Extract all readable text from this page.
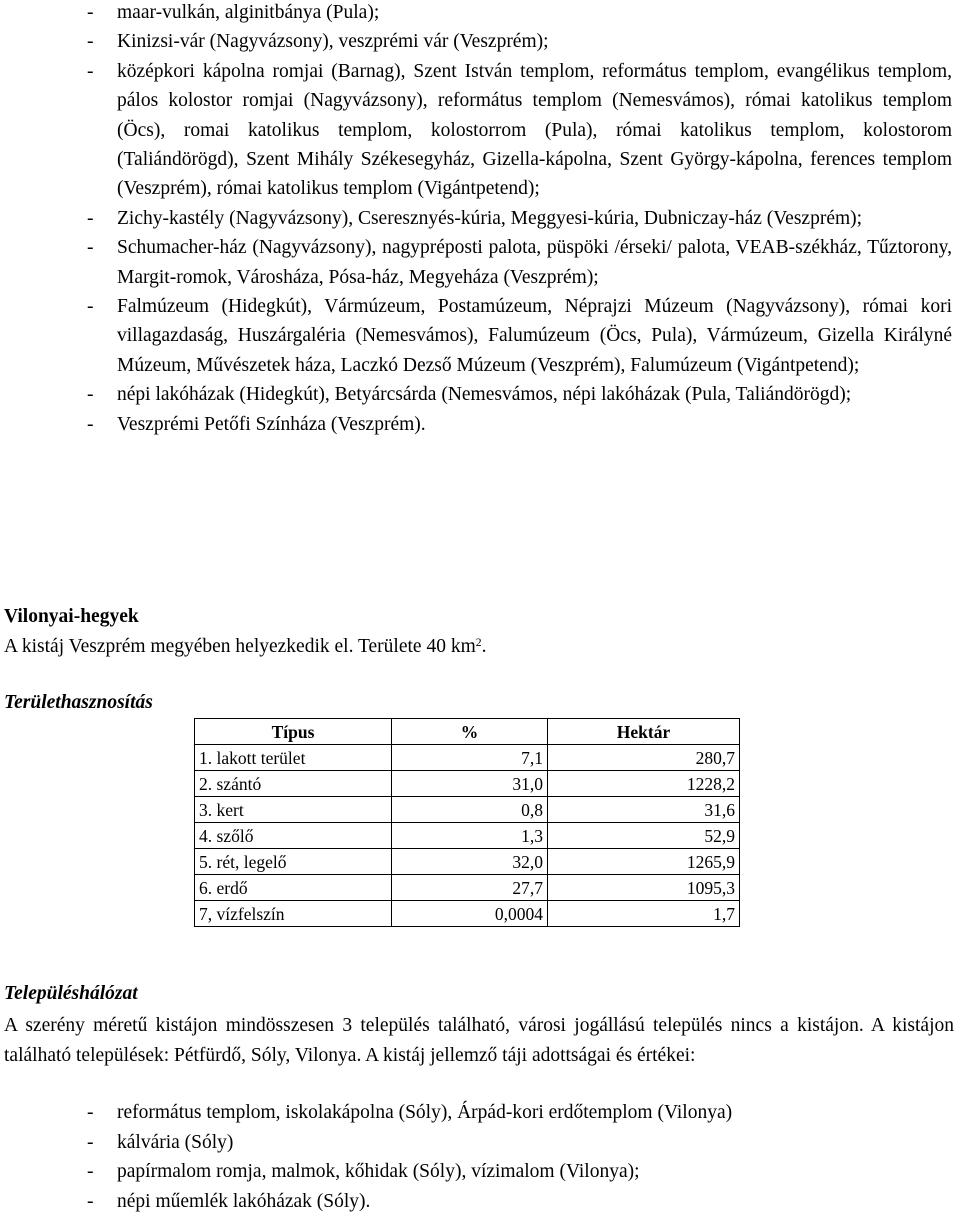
- maar-vulkán, alginitbánya (Pula);
- Kinizsi-vár (Nagyvázsony), veszprémi vár (Veszprém);
- középkori kápolna romjai (Barnag), Szent István templom, református templom, evangélikus templom, pálos kolostor romjai (Nagyvázsony), református templom (Nemesvámos), római katolikus templom (Öcs), romai katolikus templom, kolostorrom (Pula), római katolikus templom, kolostorom (Taliándörögd), Szent Mihály Székesegyház, Gizella-kápolna, Szent György-kápolna, ferences templom (Veszprém), római katolikus templom (Vigántpetend);
- Zichy-kastély (Nagyvázsony), Cseresznyés-kúria, Meggyesi-kúria, Dubniczay-ház (Veszprém);
- Schumacher-ház (Nagyvázsony), nagypréposti palota, püspöki /érseki/ palota, VEAB-székház, Tűztorony, Margit-romok, Városháza, Pósa-ház, Megyeháza (Veszprém);
- Falmúzeum (Hidegkút), Vármúzeum, Postamúzeum, Néprajzi Múzeum (Nagyvázsony), római kori villagazdaság, Huszárgaléria (Nemesvámos), Falumúzeum (Öcs, Pula), Vármúzeum, Gizella Királyné Múzeum, Művészetek háza, Laczkó Dezső Múzeum (Veszprém), Falumúzeum (Vigántpetend);
- népi lakóházak (Hidegkút), Betyárcsárda (Nemesvámos, népi lakóházak (Pula, Taliándörögd);
- Veszprémi Petőfi Színháza (Veszprém).
Vilonyai-hegyek
A kistáj Veszprém megyében helyezkedik el. Területe 40 $km^2$.
Területhasznosítás
Típus	%	Hektár
1. lakott terület	7,1	280,7
2. szántó	31,0	1228,2
3. kert	0,8	31,6
4. szőlő	1,3	52,9
5. rét, legelő	32,0	1265,9
6. erdő	27,7	1095,3
7, vízfelszín	0,0004	1,7
Településhálózat
A szerény méretű kistájon mindösszesen 3 település található, városi jogállású település nincs a kistájon. A kistájon található települések: Pétfürdő, Sóly, Vilonya. A kistáj jellemző táji adottságai és értékei:
- református templom, iskolakápolna (Sóly), Árpád-kori erdőtemplom (Vilonya)
- kálvária (Sóly)
- papírmalom romja, malmok, kőhidak (Sóly), vízimalom (Vilonya);
- népi műemlék lakóházak (Sóly).
